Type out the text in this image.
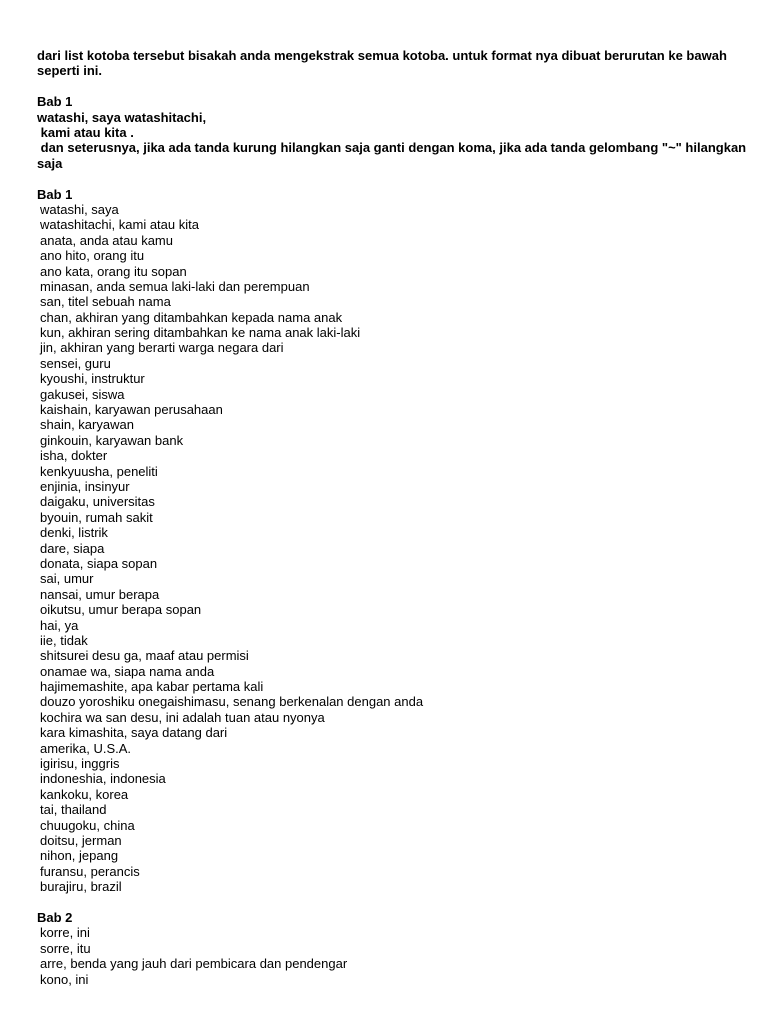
dari list kotoba tersebut bisakah anda mengekstrak semua kotoba. untuk format nya dibuat berurutan ke bawah seperti ini.
Bab 1
watashi, saya watashitachi,
kami atau kita .
dan seterusnya, jika ada tanda kurung hilangkan saja ganti dengan koma, jika ada tanda gelombang "~" hilangkan saja
Bab 1
watashi, saya
watashitachi, kami atau kita
anata, anda atau kamu
ano hito, orang itu
ano kata, orang itu sopan
minasan, anda semua laki-laki dan perempuan
san, titel sebuah nama
chan, akhiran yang ditambahkan kepada nama anak
kun, akhiran sering ditambahkan ke nama anak laki-laki
jin, akhiran yang berarti warga negara dari
sensei, guru
kyoushi, instruktur
gakusei, siswa
kaishain, karyawan perusahaan
shain, karyawan
ginkouin, karyawan bank
isha, dokter
kenkyuusha, peneliti
enjinia, insinyur
daigaku, universitas
byouin, rumah sakit
denki, listrik
dare, siapa
donata, siapa sopan
sai, umur
nansai, umur berapa
oikutsu, umur berapa sopan
hai, ya
iie, tidak
shitsurei desu ga, maaf atau permisi
onamae wa, siapa nama anda
hajimemashite, apa kabar pertama kali
douzo yoroshiku onegaishimasu, senang berkenalan dengan anda
kochira wa san desu, ini adalah tuan atau nyonya
kara kimashita, saya datang dari
amerika, U.S.A.
igirisu, inggris
indoneshia, indonesia
kankoku, korea
tai, thailand
chuugoku, china
doitsu, jerman
nihon, jepang
furansu, perancis
burajiru, brazil
Bab 2
korre, ini
sorre, itu
arre, benda yang jauh dari pembicara dan pendengar
kono, ini
